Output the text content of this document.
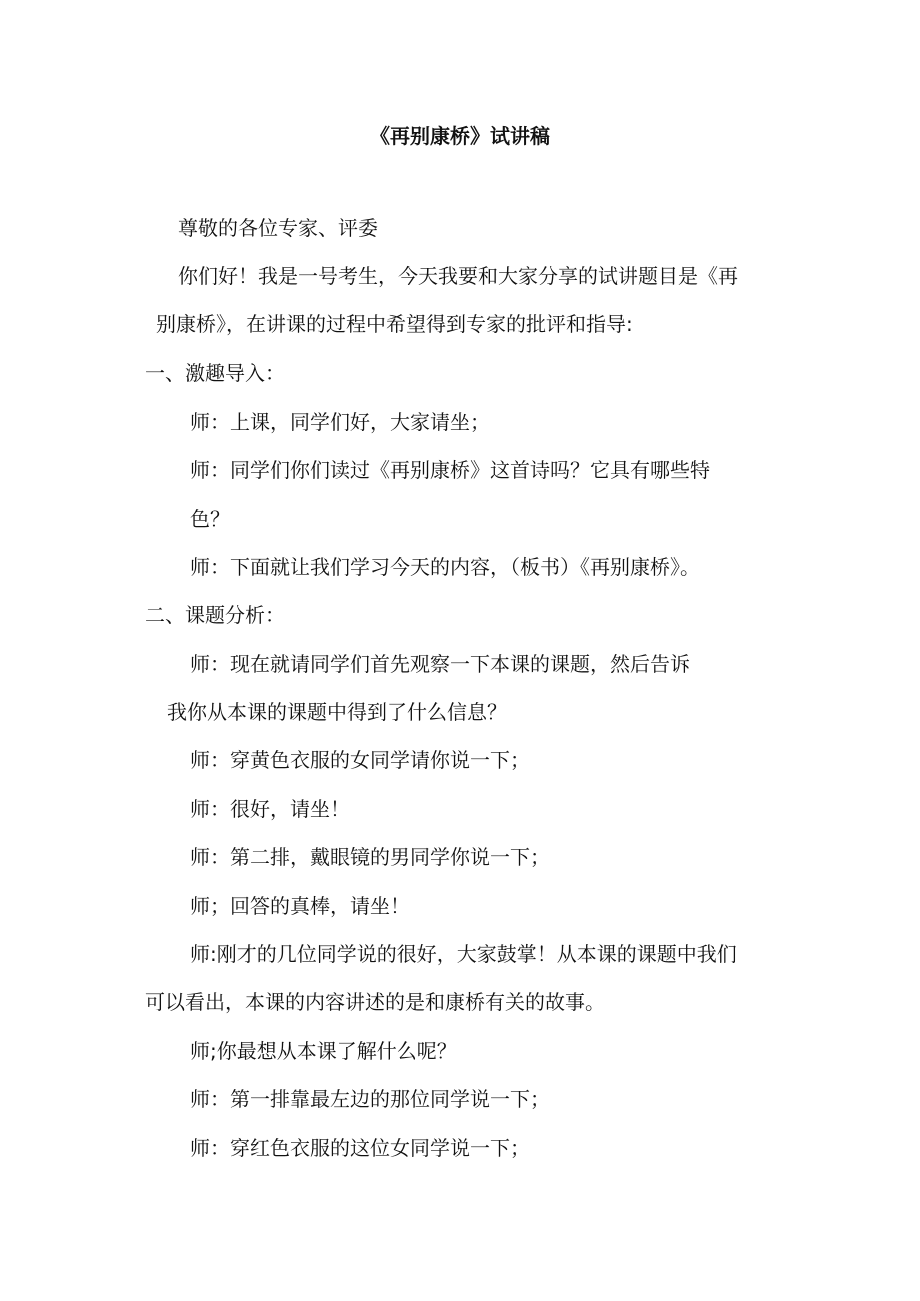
《再别康桥》试讲稿

尊敬的各位专家、评委

你们好！我是一号考生，今天我要和大家分享的试讲题目是《再

别康桥》，在讲课的过程中希望得到专家的批评和指导:

一、激趣导入：

师：上课，同学们好，大家请坐；

师：同学们你们读过《再别康桥》这首诗吗？它具有哪些特

色？

师：下面就让我们学习今天的内容，（板书）《再别康桥》。

二、课题分析：

师：现在就请同学们首先观察一下本课的课题，然后告诉

我你从本课的课题中得到了什么信息？

师：穿黄色衣服的女同学请你说一下；

师：很好，请坐！

师：第二排，戴眼镜的男同学你说一下；

师；回答的真棒，请坐！

师:刚才的几位同学说的很好，大家鼓掌！从本课的课题中我们

可以看出，本课的内容讲述的是和康桥有关的故事。

师;你最想从本课了解什么呢？

师：第一排靠最左边的那位同学说一下；

师：穿红色衣服的这位女同学说一下；
